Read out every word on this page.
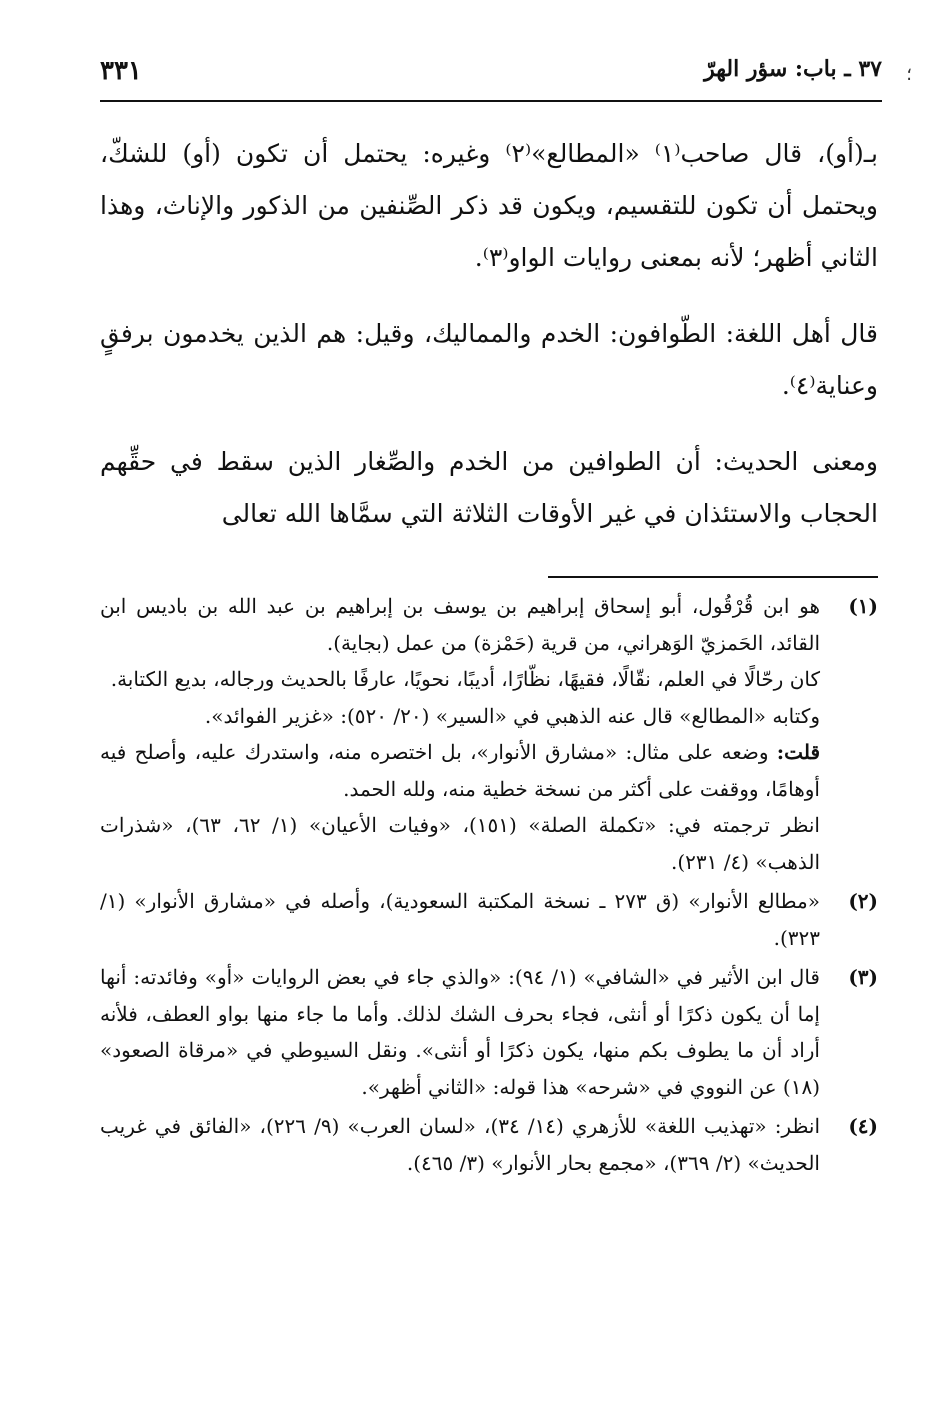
؛
٣٧ ـ باب: سؤر الهرّ
٣٣١

بـ(أو)، قال صاحب⁽١⁾ «المطالع»⁽٢⁾ وغيره: يحتمل أن تكون (أو) للشكّ، ويحتمل أن تكون للتقسيم، ويكون قد ذكر الصِّنفين من الذكور والإناث، وهذا الثاني أظهر؛ لأنه بمعنى روايات الواو⁽٣⁾.

قال أهل اللغة: الطّوافون: الخدم والمماليك، وقيل: هم الذين يخدمون برفقٍ وعناية⁽٤⁾.

ومعنى الحديث: أن الطوافين من الخدم والصِّغار الذين سقط في حقِّهم الحجاب والاستئذان في غير الأوقات الثلاثة التي سمَّاها الله تعالى

(١)
هو ابن قُرْقُول، أبو إسحاق إبراهيم بن يوسف بن إبراهيم بن عبد الله بن باديس ابن القائد، الحَمزيّ الوَهراني، من قرية (حَمْزة) من عمل (بجاية).
كان رحّالًا في العلم، نقّالًا، فقيهًا، نظّارًا، أديبًا، نحويًا، عارفًا بالحديث ورجاله، بديع الكتابة.
وكتابه «المطالع» قال عنه الذهبي في «السير» (٢٠/ ٥٢٠): «غزير الفوائد».
قلت: وضعه على مثال: «مشارق الأنوار»، بل اختصره منه، واستدرك عليه، وأصلح فيه أوهامًا، ووقفت على أكثر من نسخة خطية منه، ولله الحمد.
انظر ترجمته في: «تكملة الصلة» (١٥١)، «وفيات الأعيان» (١/ ٦٢، ٦٣)، «شذرات الذهب» (٤/ ٢٣١).
(٢)
«مطالع الأنوار» (ق ٢٧٣ ـ نسخة المكتبة السعودية)، وأصله في «مشارق الأنوار» (١/ ٣٢٣).
(٣)
قال ابن الأثير في «الشافي» (١/ ٩٤): «والذي جاء في بعض الروايات «أو» وفائدته: أنها إما أن يكون ذكرًا أو أنثى، فجاء بحرف الشك لذلك. وأما ما جاء منها بواو العطف، فلأنه أراد أن ما يطوف بكم منها، يكون ذكرًا أو أنثى». ونقل السيوطي في «مرقاة الصعود» (١٨) عن النووي في «شرحه» هذا قوله: «الثاني أظهر».
(٤)
انظر: «تهذيب اللغة» للأزهري (١٤/ ٣٤)، «لسان العرب» (٩/ ٢٢٦)، «الفائق في غريب الحديث» (٢/ ٣٦٩)، «مجمع بحار الأنوار» (٣/ ٤٦٥).
